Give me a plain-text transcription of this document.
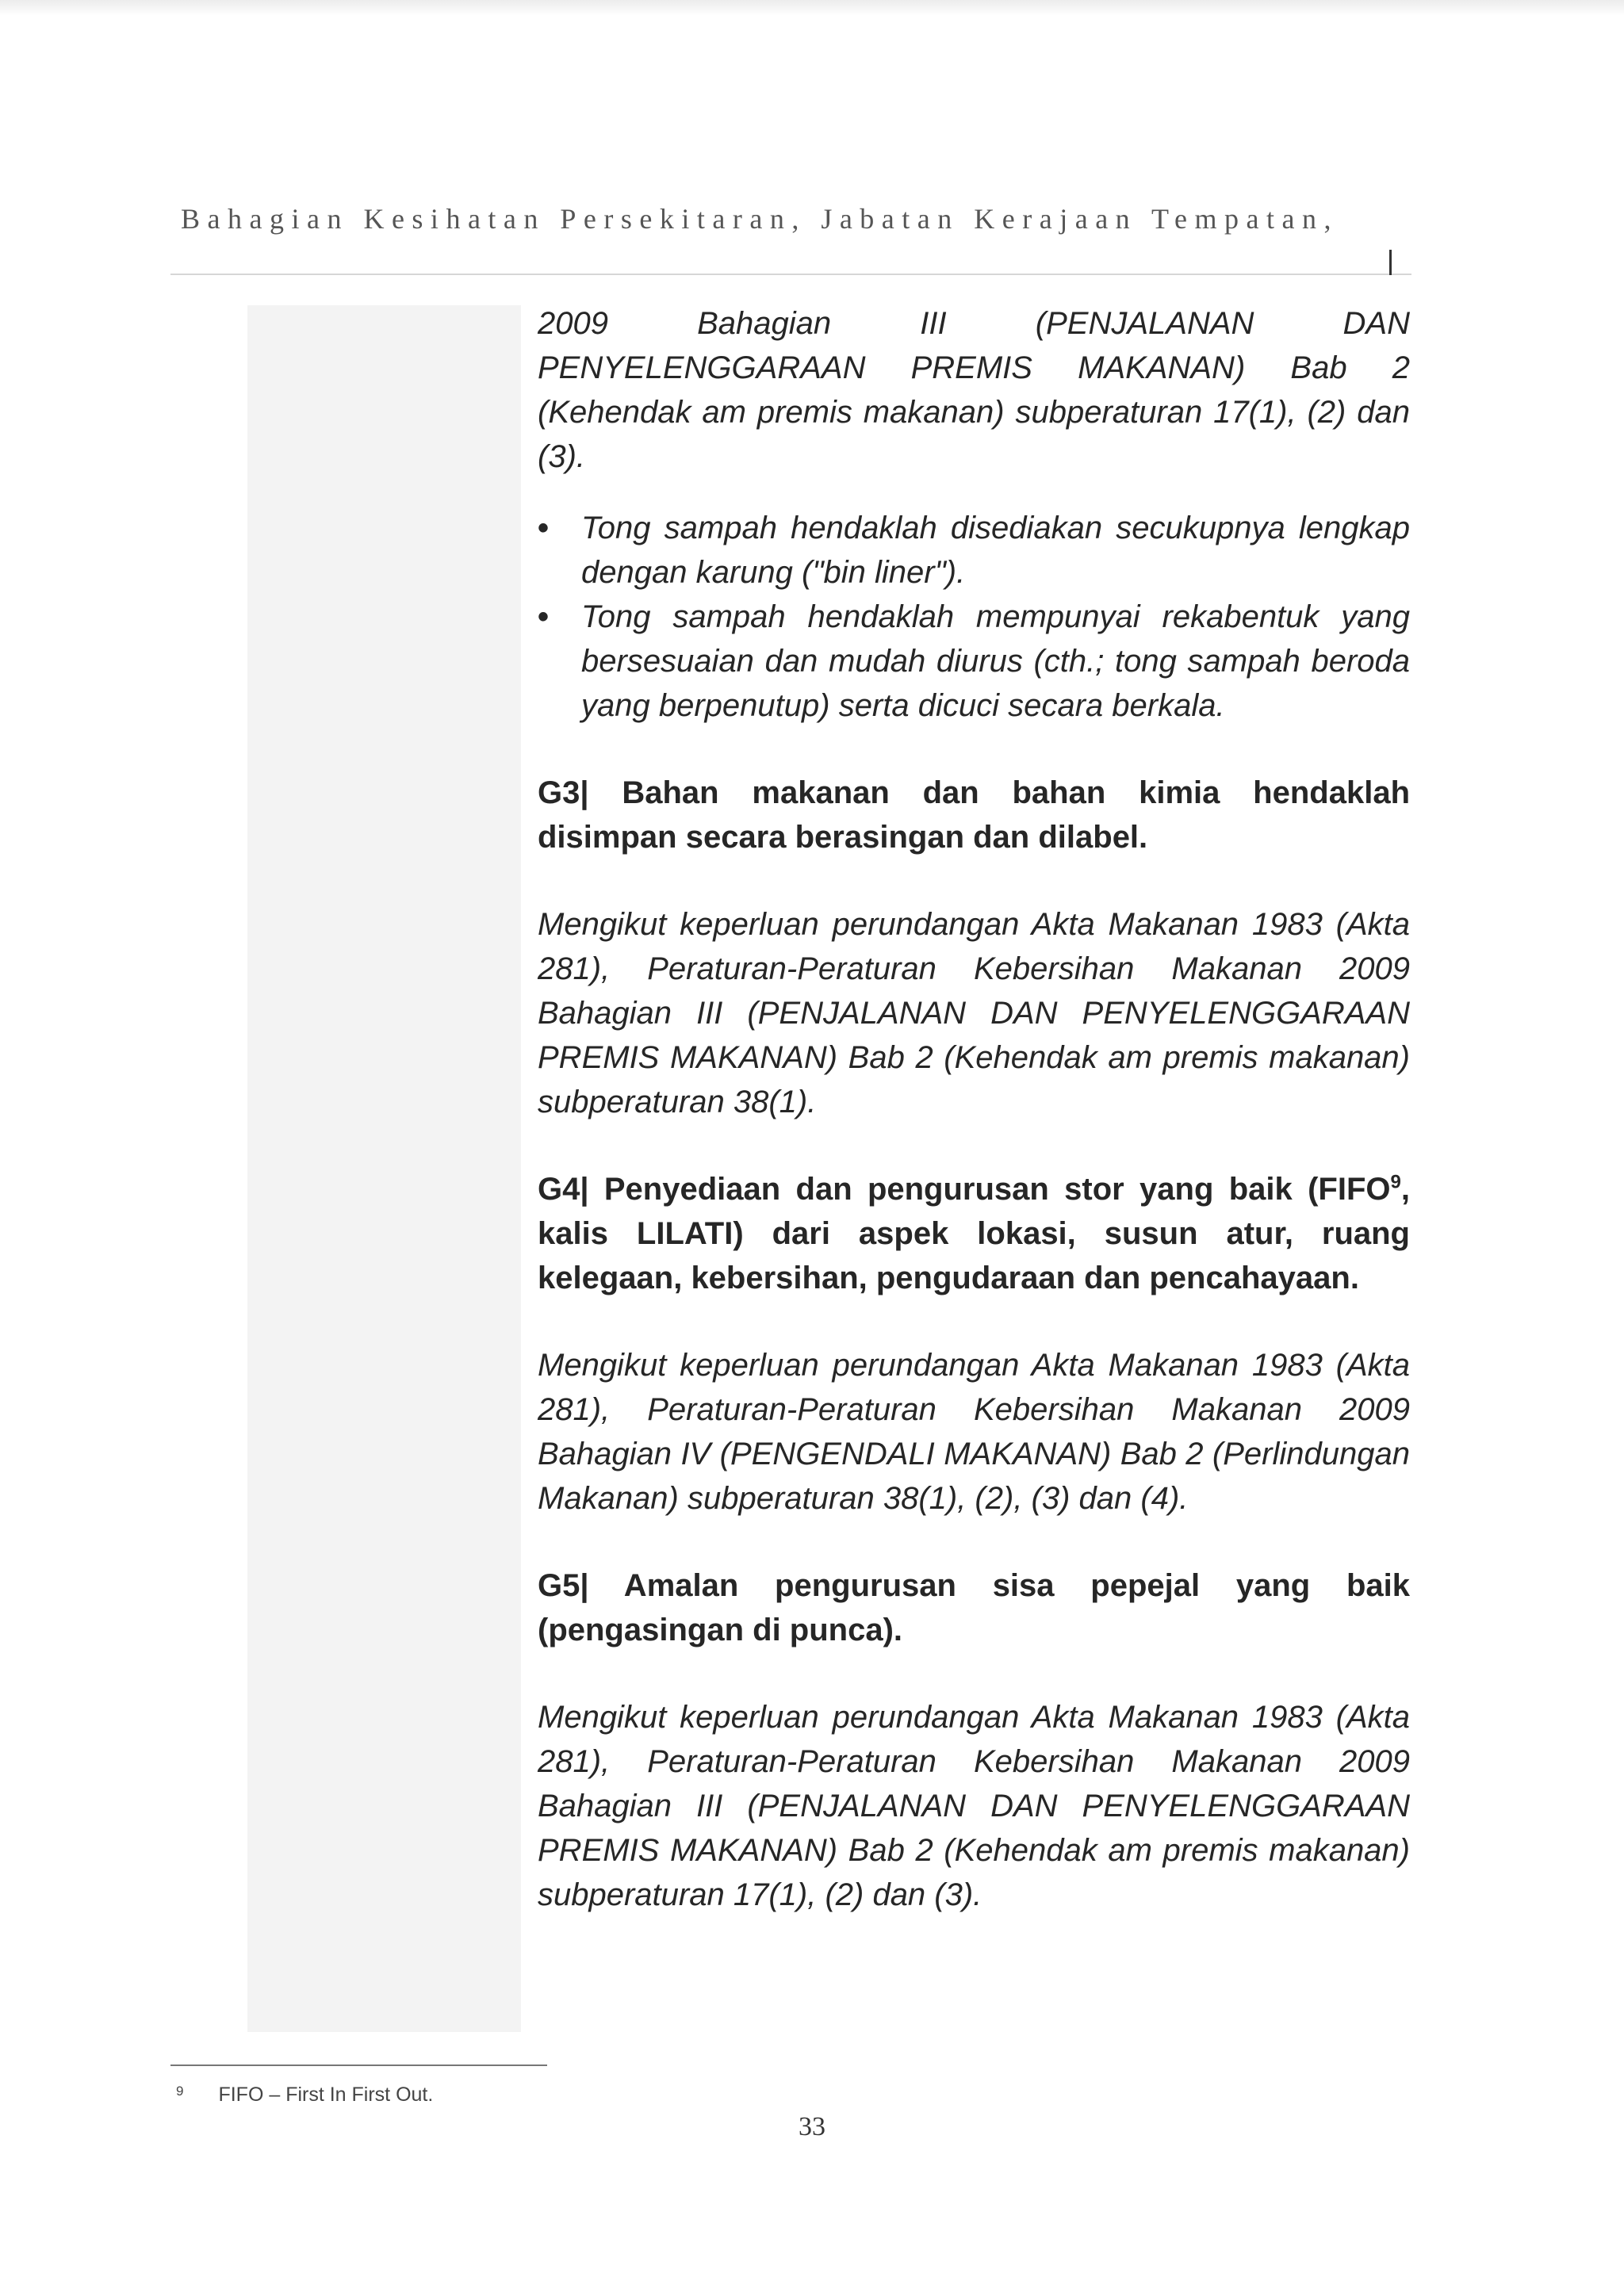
Bahagian Kesihatan Persekitaran, Jabatan Kerajaan Tempatan,

2009 Bahagian III (PENJALANAN DAN PENYELENGGARAAN PREMIS MAKANAN) Bab 2 (Kehendak am premis makanan) subperaturan 17(1), (2) dan (3).

• Tong sampah hendaklah disediakan secukupnya lengkap dengan karung ("bin liner").
• Tong sampah hendaklah mempunyai rekabentuk yang bersesuaian dan mudah diurus (cth.; tong sampah beroda yang berpenutup) serta dicuci secara berkala.

G3| Bahan makanan dan bahan kimia hendaklah disimpan secara berasingan dan dilabel.

Mengikut keperluan perundangan Akta Makanan 1983 (Akta 281), Peraturan-Peraturan Kebersihan Makanan 2009 Bahagian III (PENJALANAN DAN PENYELENGGARAAN PREMIS MAKANAN) Bab 2 (Kehendak am premis makanan) subperaturan 38(1).

G4| Penyediaan dan pengurusan stor yang baik (FIFO$^9$, kalis LILATI) dari aspek lokasi, susun atur, ruang kelegaan, kebersihan, pengudaraan dan pencahayaan.

Mengikut keperluan perundangan Akta Makanan 1983 (Akta 281), Peraturan-Peraturan Kebersihan Makanan 2009 Bahagian IV (PENGENDALI MAKANAN) Bab 2 (Perlindungan Makanan) subperaturan 38(1), (2), (3) dan (4).

G5| Amalan pengurusan sisa pepejal yang baik (pengasingan di punca).

Mengikut keperluan perundangan Akta Makanan 1983 (Akta 281), Peraturan-Peraturan Kebersihan Makanan 2009 Bahagian III (PENJALANAN DAN PENYELENGGARAAN PREMIS MAKANAN) Bab 2 (Kehendak am premis makanan) subperaturan 17(1), (2) dan (3).

$^9$ FIFO – First In First Out.
33
